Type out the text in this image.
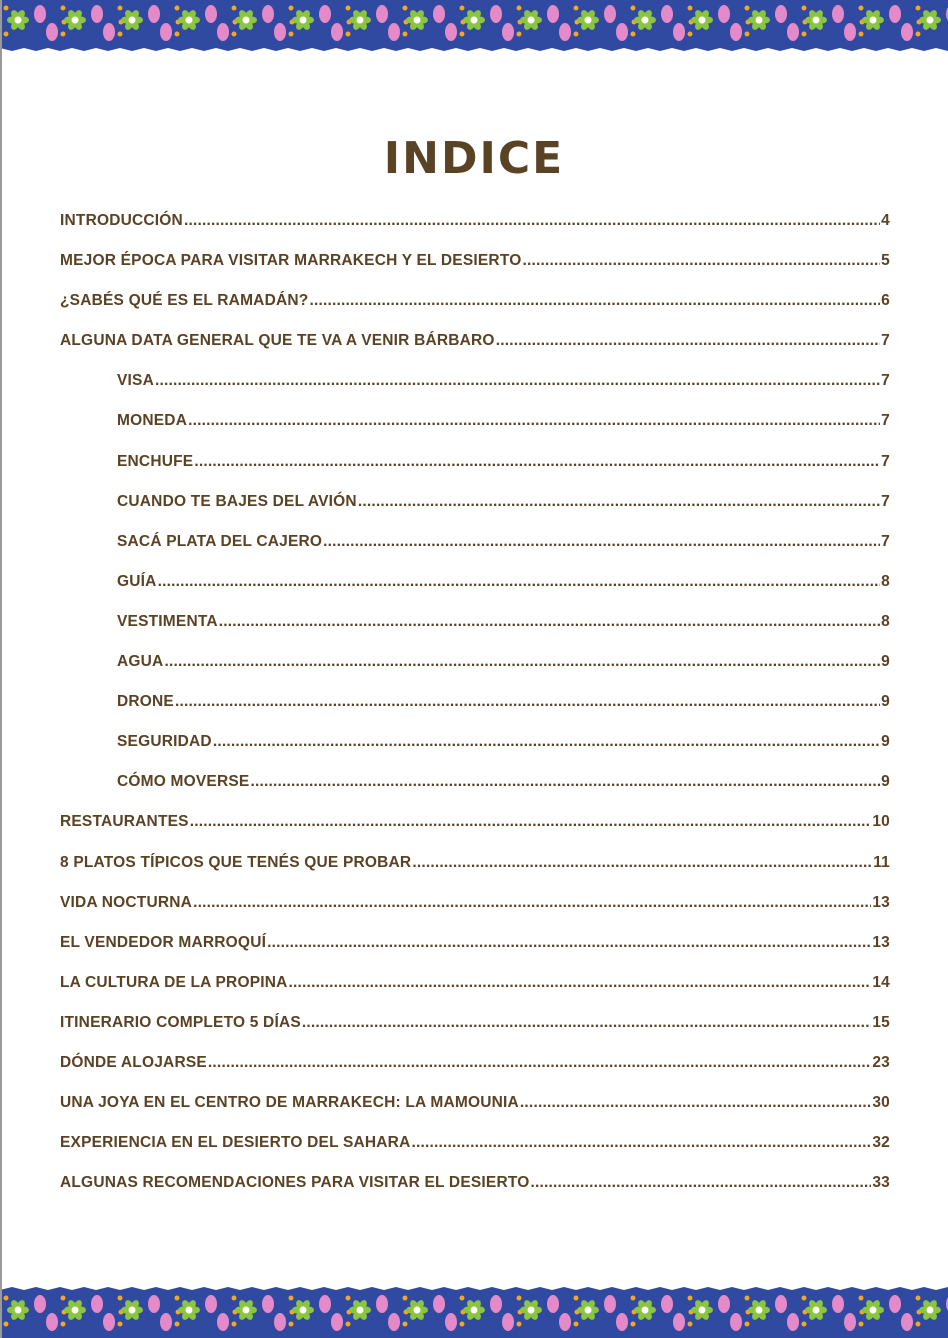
INDICE
INTRODUCCIÓN .....	4
MEJOR ÉPOCA PARA VISITAR MARRAKECH Y EL DESIERTO .....	5
¿SABÉS QUÉ ES EL RAMADÁN? .....	6
ALGUNA DATA GENERAL QUE TE VA A VENIR BÁRBARO .....	7
VISA .....	7
MONEDA .....	7
ENCHUFE .....	7
CUANDO TE BAJES DEL AVIÓN .....	7
SACÁ PLATA DEL CAJERO .....	7
GUÍA .....	8
VESTIMENTA .....	8
AGUA .....	9
DRONE .....	9
SEGURIDAD .....	9
CÓMO MOVERSE .....	9
RESTAURANTES .....	10
8 PLATOS TÍPICOS QUE TENÉS QUE PROBAR .....	11
VIDA NOCTURNA .....	13
EL VENDEDOR MARROQUÍ .....	13
LA CULTURA DE LA PROPINA .....	14
ITINERARIO COMPLETO 5 DÍAS .....	15
DÓNDE ALOJARSE .....	23
UNA JOYA EN EL CENTRO DE MARRAKECH: LA MAMOUNIA .....	30
EXPERIENCIA EN EL DESIERTO DEL SAHARA .....	32
ALGUNAS RECOMENDACIONES PARA VISITAR EL DESIERTO .....	33
